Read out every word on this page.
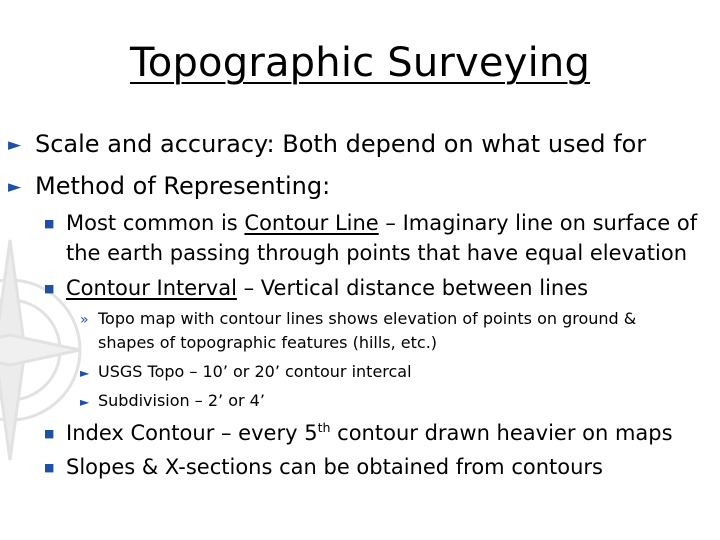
Topographic Surveying
► Scale and accuracy: Both depend on what used for
► Method of Representing:
■ Most common is Contour Line – Imaginary line on surface of
the earth passing through points that have equal elevation
■ Contour Interval – Vertical distance between lines
» Topo map with contour lines shows elevation of points on ground &
shapes of topographic features (hills, etc.)
► USGS Topo – 10’ or 20’ contour intercal
► Subdivision – 2’ or 4’
■ Index Contour – every 5th contour drawn heavier on maps
■ Slopes & X-sections can be obtained from contours
